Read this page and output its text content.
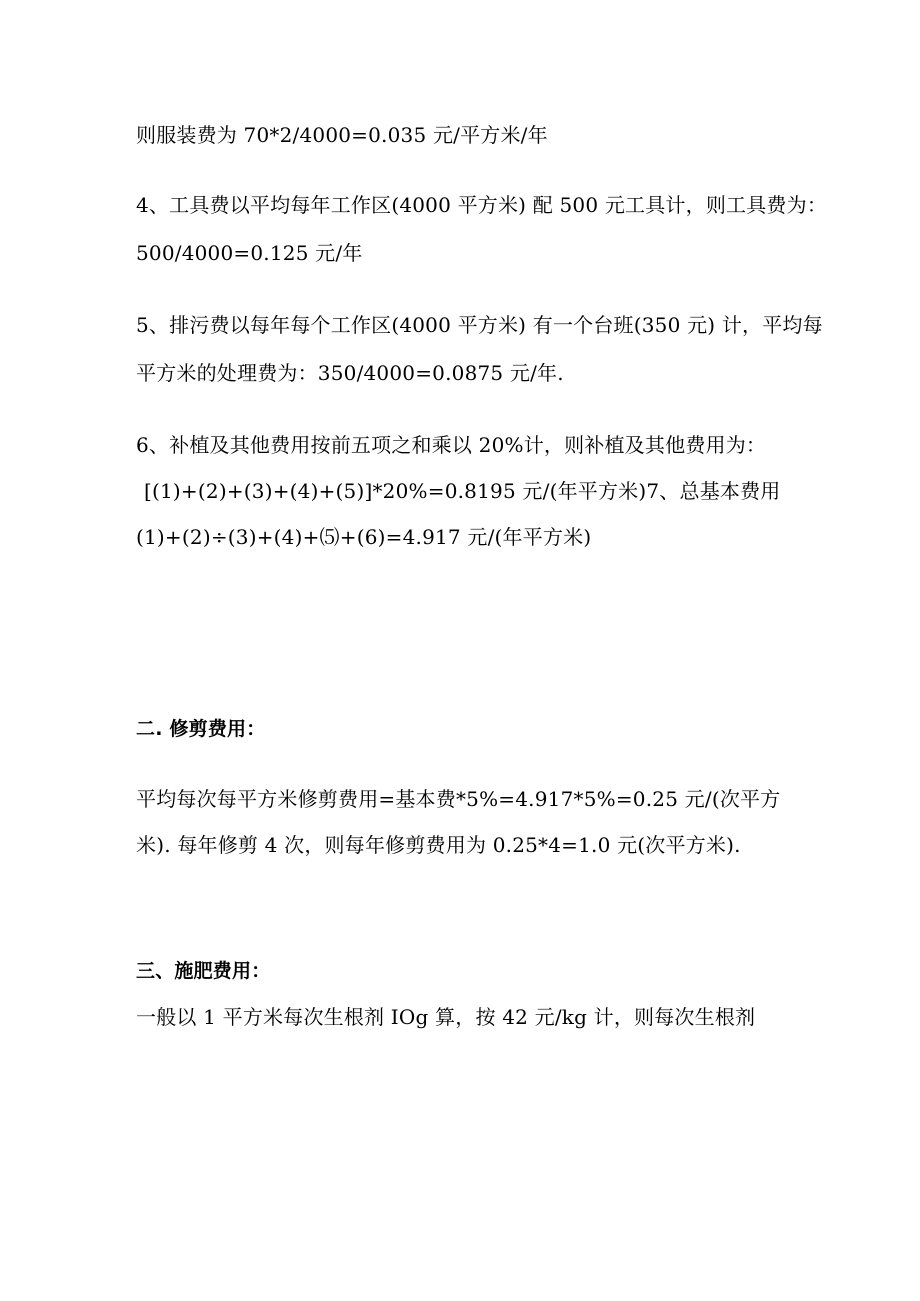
则服装费为 70*2/4000=0.035 元/平方米/年
4、工具费以平均每年工作区(4000 平方米) 配 500 元工具计，则工具费为：
500/4000=0.125 元/年
5、排污费以每年每个工作区(4000 平方米) 有一个台班(350 元) 计，平均每
平方米的处理费为：350/4000=0.0875 元/年.
6、补植及其他费用按前五项之和乘以 20%计，则补植及其他费用为：
[(1)+(2)+(3)+(4)+(5)]*20%=0.8195 元/(年平方米)7、总基本费用
(1)+(2)÷(3)+(4)+⑸+(6)=4.917 元/(年平方米)
二. 修剪费用：
平均每次每平方米修剪费用=基本费*5%=4.917*5%=0.25 元/(次平方
米). 每年修剪 4 次，则每年修剪费用为 0.25*4=1.0 元(次平方米).
三、施肥费用：
一般以 1 平方米每次生根剂 IOg 算，按 42 元/kg 计，则每次生根剂
